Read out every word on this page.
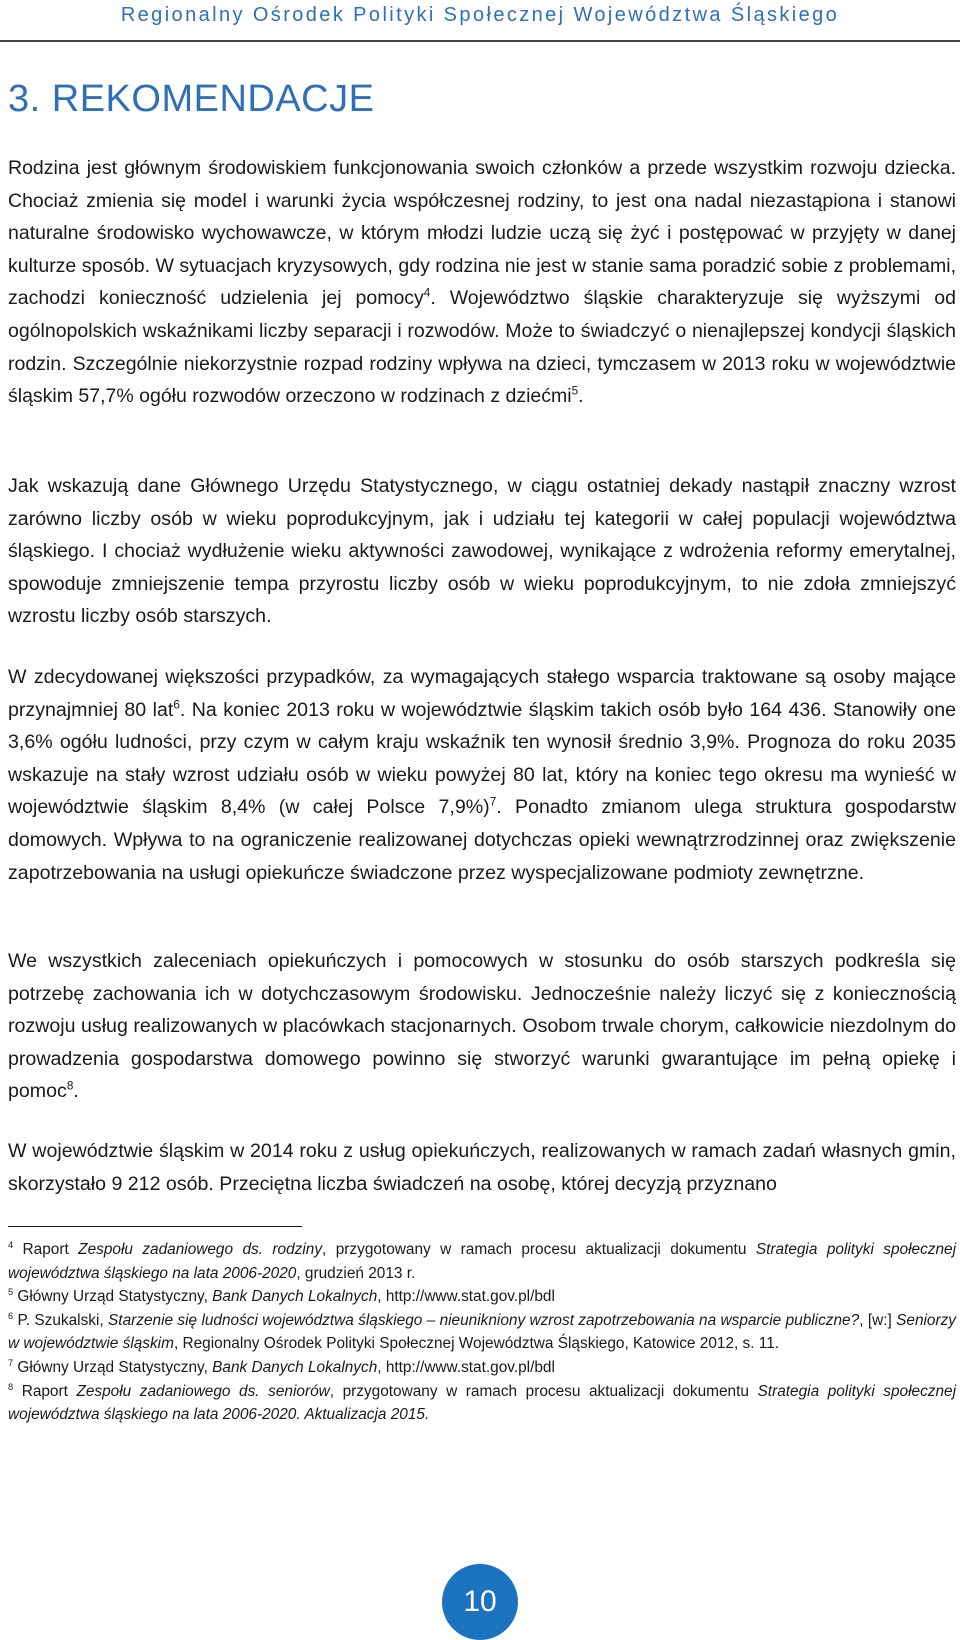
Regionalny Ośrodek Polityki Społecznej Województwa Śląskiego
3. REKOMENDACJE

Rodzina jest głównym środowiskiem funkcjonowania swoich członków a przede wszystkim rozwoju dziecka. Chociaż zmienia się model i warunki życia współczesnej rodziny, to jest ona nadal niezastąpiona i stanowi naturalne środowisko wychowawcze, w którym młodzi ludzie uczą się żyć i postępować w przyjęty w danej kulturze sposób. W sytuacjach kryzysowych, gdy rodzina nie jest w stanie sama poradzić sobie z problemami, zachodzi konieczność udzielenia jej pomocy$^4$. Województwo śląskie charakteryzuje się wyższymi od ogólnopolskich wskaźnikami liczby separacji i rozwodów. Może to świadczyć o nienajlepszej kondycji śląskich rodzin. Szczególnie niekorzystnie rozpad rodziny wpływa na dzieci, tymczasem w 2013 roku w województwie śląskim 57,7% ogółu rozwodów orzeczono w rodzinach z dziećmi$^5$.

Jak wskazują dane Głównego Urzędu Statystycznego, w ciągu ostatniej dekady nastąpił znaczny wzrost zarówno liczby osób w wieku poprodukcyjnym, jak i udziału tej kategorii w całej populacji województwa śląskiego. I chociaż wydłużenie wieku aktywności zawodowej, wynikające z wdrożenia reformy emerytalnej, spowoduje zmniejszenie tempa przyrostu liczby osób w wieku poprodukcyjnym, to nie zdoła zmniejszyć wzrostu liczby osób starszych.

W zdecydowanej większości przypadków, za wymagających stałego wsparcia traktowane są osoby mające przynajmniej 80 lat$^6$. Na koniec 2013 roku w województwie śląskim takich osób było 164 436. Stanowiły one 3,6% ogółu ludności, przy czym w całym kraju wskaźnik ten wynosił średnio 3,9%. Prognoza do roku 2035 wskazuje na stały wzrost udziału osób w wieku powyżej 80 lat, który na koniec tego okresu ma wynieść w województwie śląskim 8,4% (w całej Polsce 7,9%)$^7$. Ponadto zmianom ulega struktura gospodarstw domowych. Wpływa to na ograniczenie realizowanej dotychczas opieki wewnątrzrodzinnej oraz zwiększenie zapotrzebowania na usługi opiekuńcze świadczone przez wyspecjalizowane podmioty zewnętrzne.

We wszystkich zaleceniach opiekuńczych i pomocowych w stosunku do osób starszych podkreśla się potrzebę zachowania ich w dotychczasowym środowisku. Jednocześnie należy liczyć się z koniecznością rozwoju usług realizowanych w placówkach stacjonarnych. Osobom trwale chorym, całkowicie niezdolnym do prowadzenia gospodarstwa domowego powinno się stworzyć warunki gwarantujące im pełną opiekę i pomoc$^8$.

W województwie śląskim w 2014 roku z usług opiekuńczych, realizowanych w ramach zadań własnych gmin, skorzystało 9 212 osób. Przeciętna liczba świadczeń na osobę, której decyzją przyznano

$^4$ Raport Zespołu zadaniowego ds. rodziny, przygotowany w ramach procesu aktualizacji dokumentu Strategia polityki społecznej województwa śląskiego na lata 2006-2020, grudzień 2013 r.

$^5$ Główny Urząd Statystyczny, Bank Danych Lokalnych, http://www.stat.gov.pl/bdl

$^6$ P. Szukalski, Starzenie się ludności województwa śląskiego – nieunikniony wzrost zapotrzebowania na wsparcie publiczne?, [w:] Seniorzy w województwie śląskim, Regionalny Ośrodek Polityki Społecznej Województwa Śląskiego, Katowice 2012, s. 11.

$^7$ Główny Urząd Statystyczny, Bank Danych Lokalnych, http://www.stat.gov.pl/bdl

$^8$ Raport Zespołu zadaniowego ds. seniorów, przygotowany w ramach procesu aktualizacji dokumentu Strategia polityki społecznej województwa śląskiego na lata 2006-2020. Aktualizacja 2015.

10
